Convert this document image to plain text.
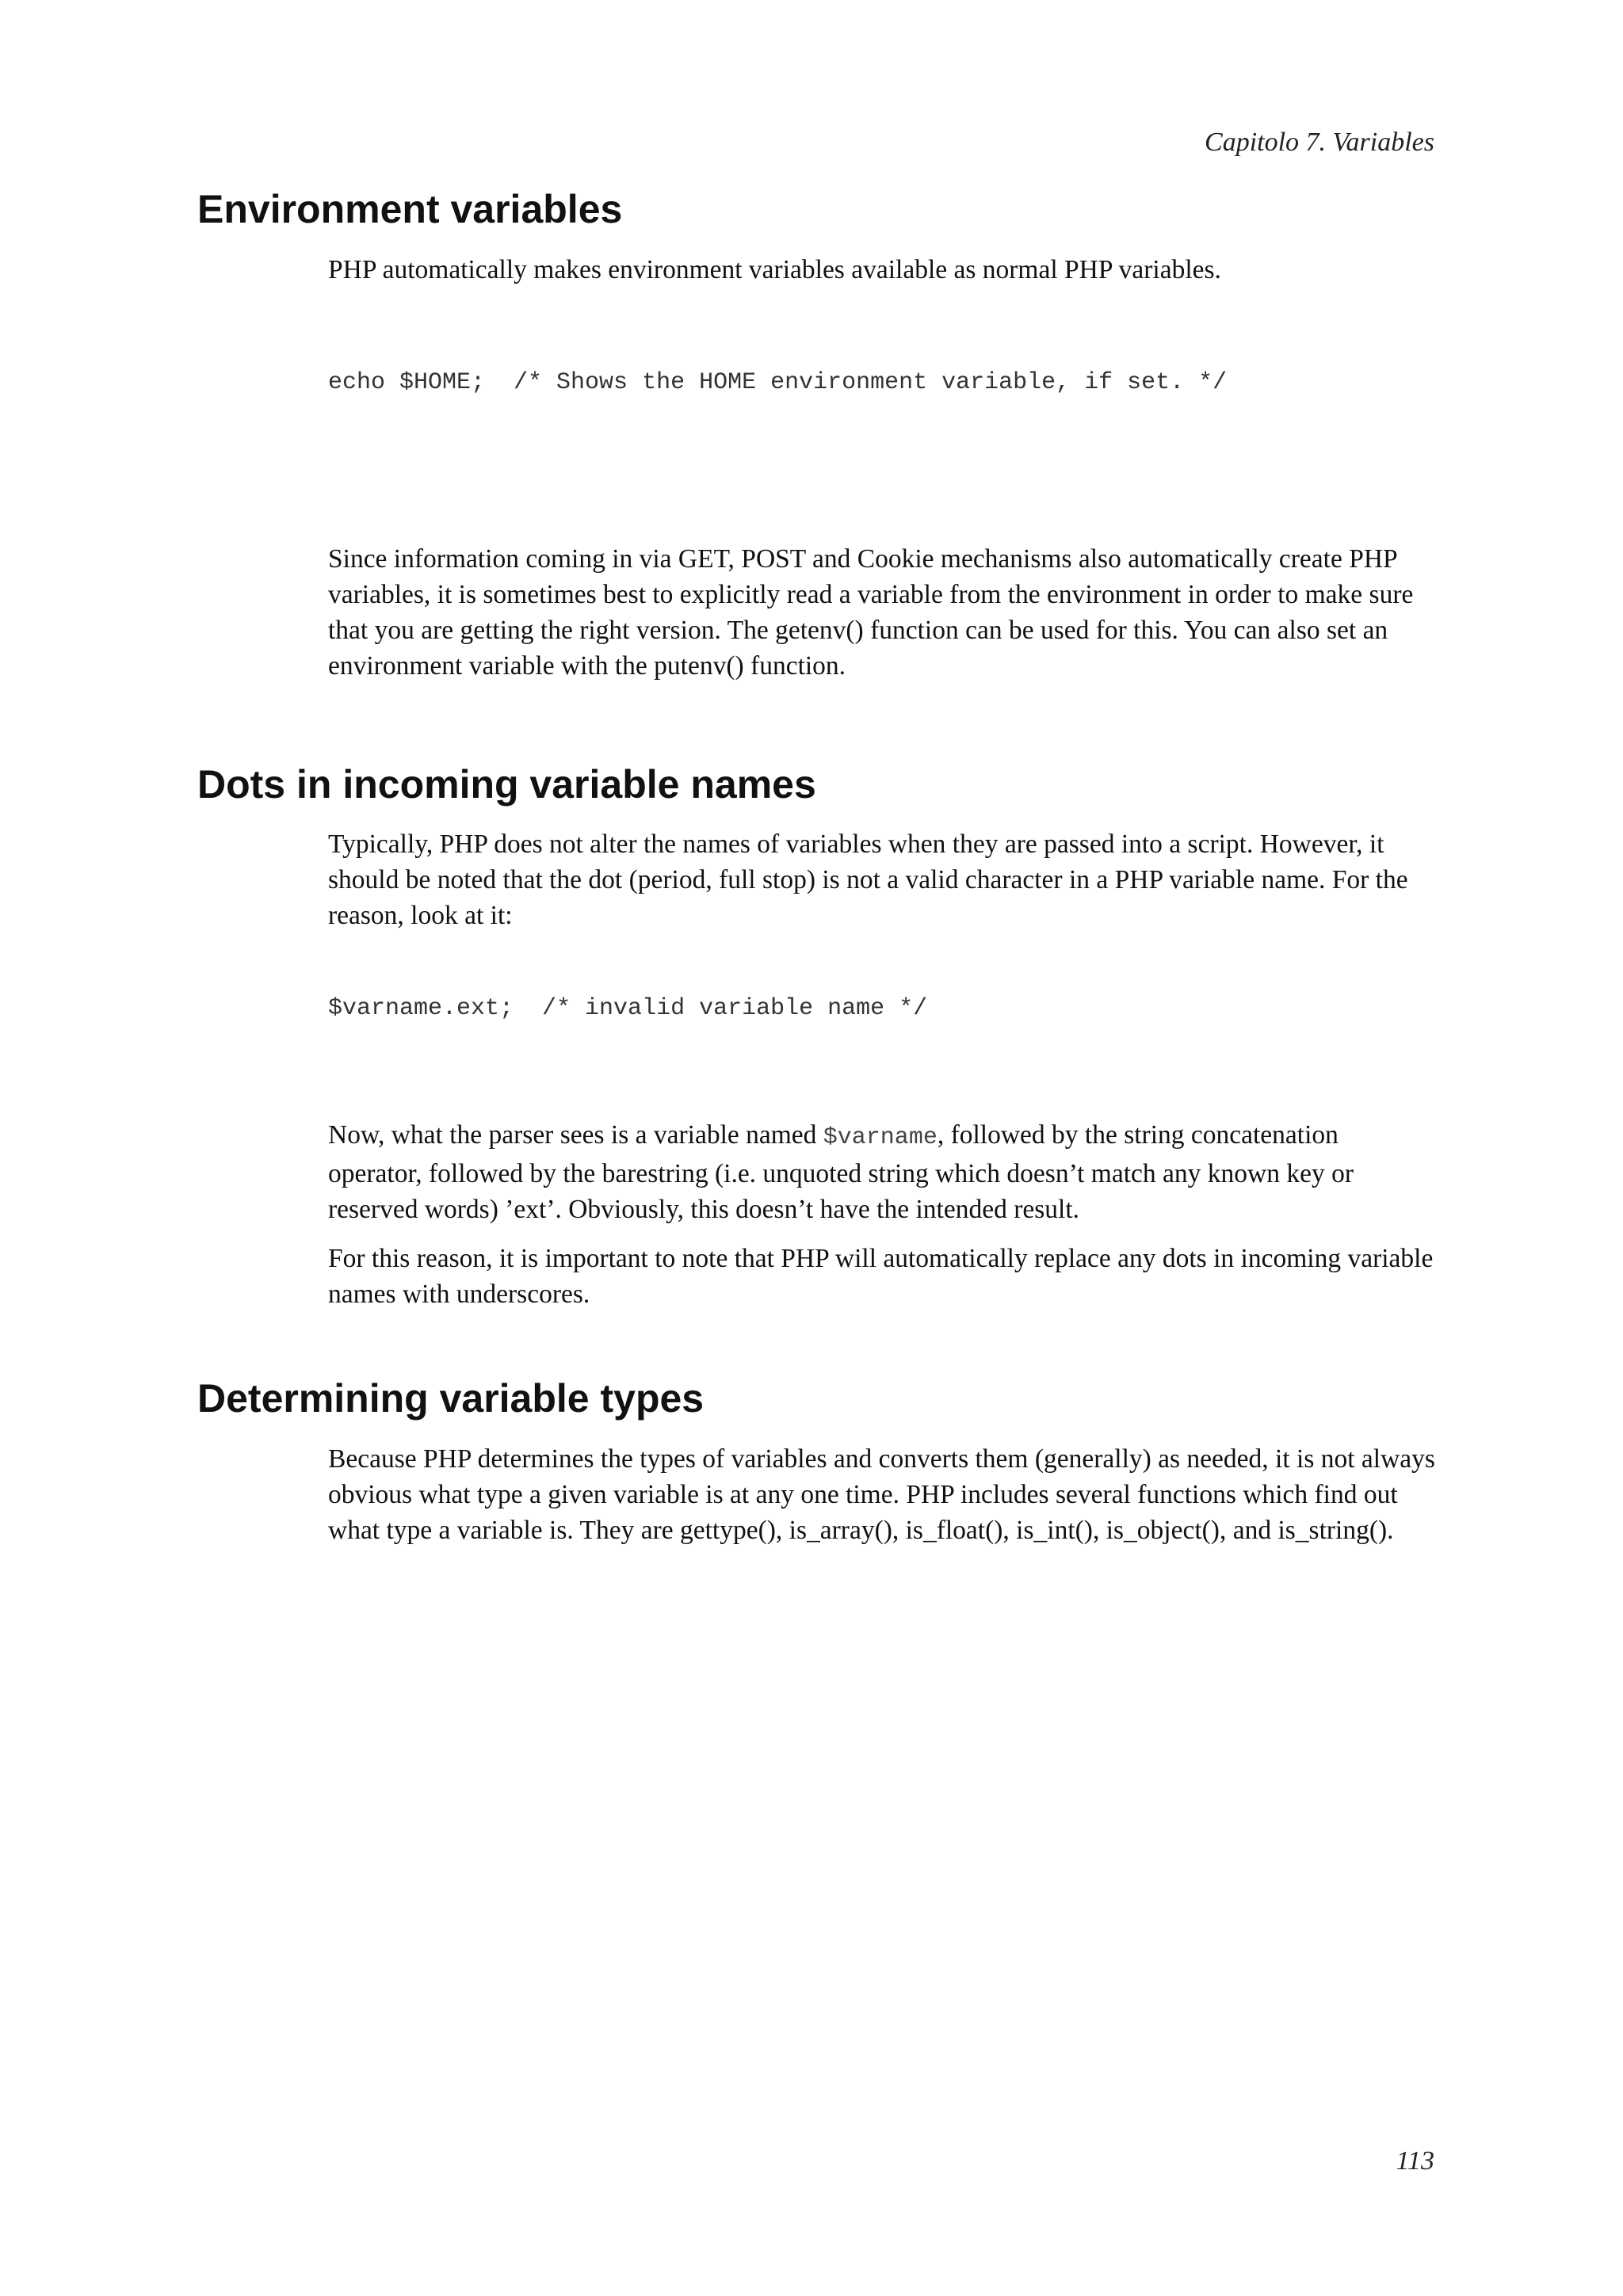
Capitolo 7. Variables
Environment variables

PHP automatically makes environment variables available as normal PHP variables.

echo $HOME;  /* Shows the HOME environment variable, if set. */

Since information coming in via GET, POST and Cookie mechanisms also automatically create PHP variables, it is sometimes best to explicitly read a variable from the environment in order to make sure that you are getting the right version. The getenv() function can be used for this. You can also set an environment variable with the putenv() function.

Dots in incoming variable names

Typically, PHP does not alter the names of variables when they are passed into a script. However, it should be noted that the dot (period, full stop) is not a valid character in a PHP variable name. For the reason, look at it:

$varname.ext;  /* invalid variable name */

Now, what the parser sees is a variable named $varname, followed by the string concatenation operator, followed by the barestring (i.e. unquoted string which doesn’t match any known key or reserved words) ’ext’. Obviously, this doesn’t have the intended result.

For this reason, it is important to note that PHP will automatically replace any dots in incoming variable names with underscores.

Determining variable types

Because PHP determines the types of variables and converts them (generally) as needed, it is not always obvious what type a given variable is at any one time. PHP includes several functions which find out what type a variable is. They are gettype(), is_array(), is_float(), is_int(), is_object(), and is_string().

113
